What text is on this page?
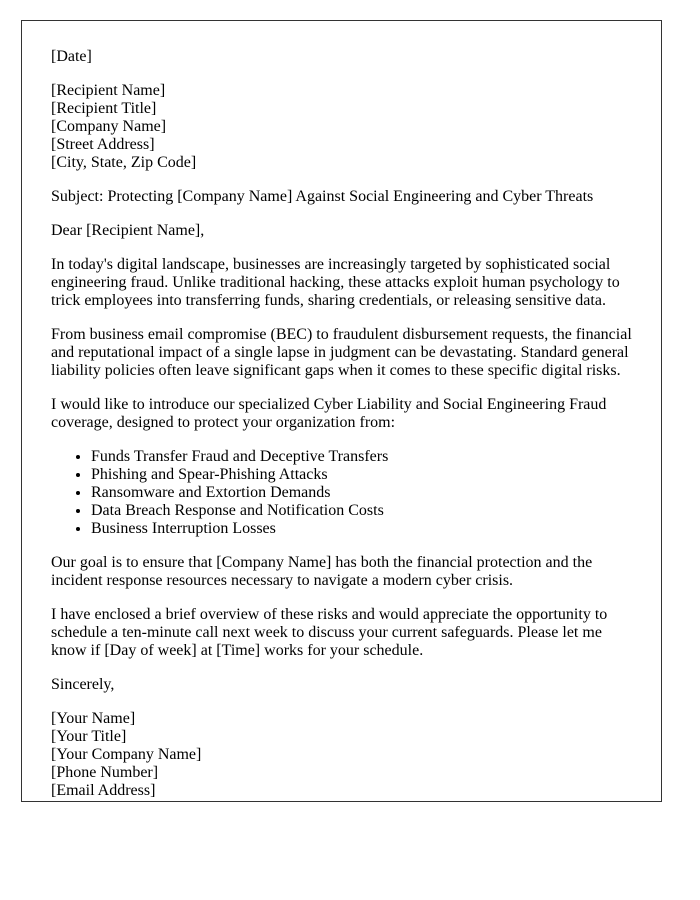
[Date]

[Recipient Name]
[Recipient Title]
[Company Name]
[Street Address]
[City, State, Zip Code]

Subject: Protecting [Company Name] Against Social Engineering and Cyber Threats

Dear [Recipient Name],

In today's digital landscape, businesses are increasingly targeted by sophisticated social engineering fraud. Unlike traditional hacking, these attacks exploit human psychology to trick employees into transferring funds, sharing credentials, or releasing sensitive data.

From business email compromise (BEC) to fraudulent disbursement requests, the financial and reputational impact of a single lapse in judgment can be devastating. Standard general liability policies often leave significant gaps when it comes to these specific digital risks.

I would like to introduce our specialized Cyber Liability and Social Engineering Fraud coverage, designed to protect your organization from:

• Funds Transfer Fraud and Deceptive Transfers
• Phishing and Spear-Phishing Attacks
• Ransomware and Extortion Demands
• Data Breach Response and Notification Costs
• Business Interruption Losses

Our goal is to ensure that [Company Name] has both the financial protection and the incident response resources necessary to navigate a modern cyber crisis.

I have enclosed a brief overview of these risks and would appreciate the opportunity to schedule a ten-minute call next week to discuss your current safeguards. Please let me know if [Day of week] at [Time] works for your schedule.

Sincerely,

[Your Name]
[Your Title]
[Your Company Name]
[Phone Number]
[Email Address]
